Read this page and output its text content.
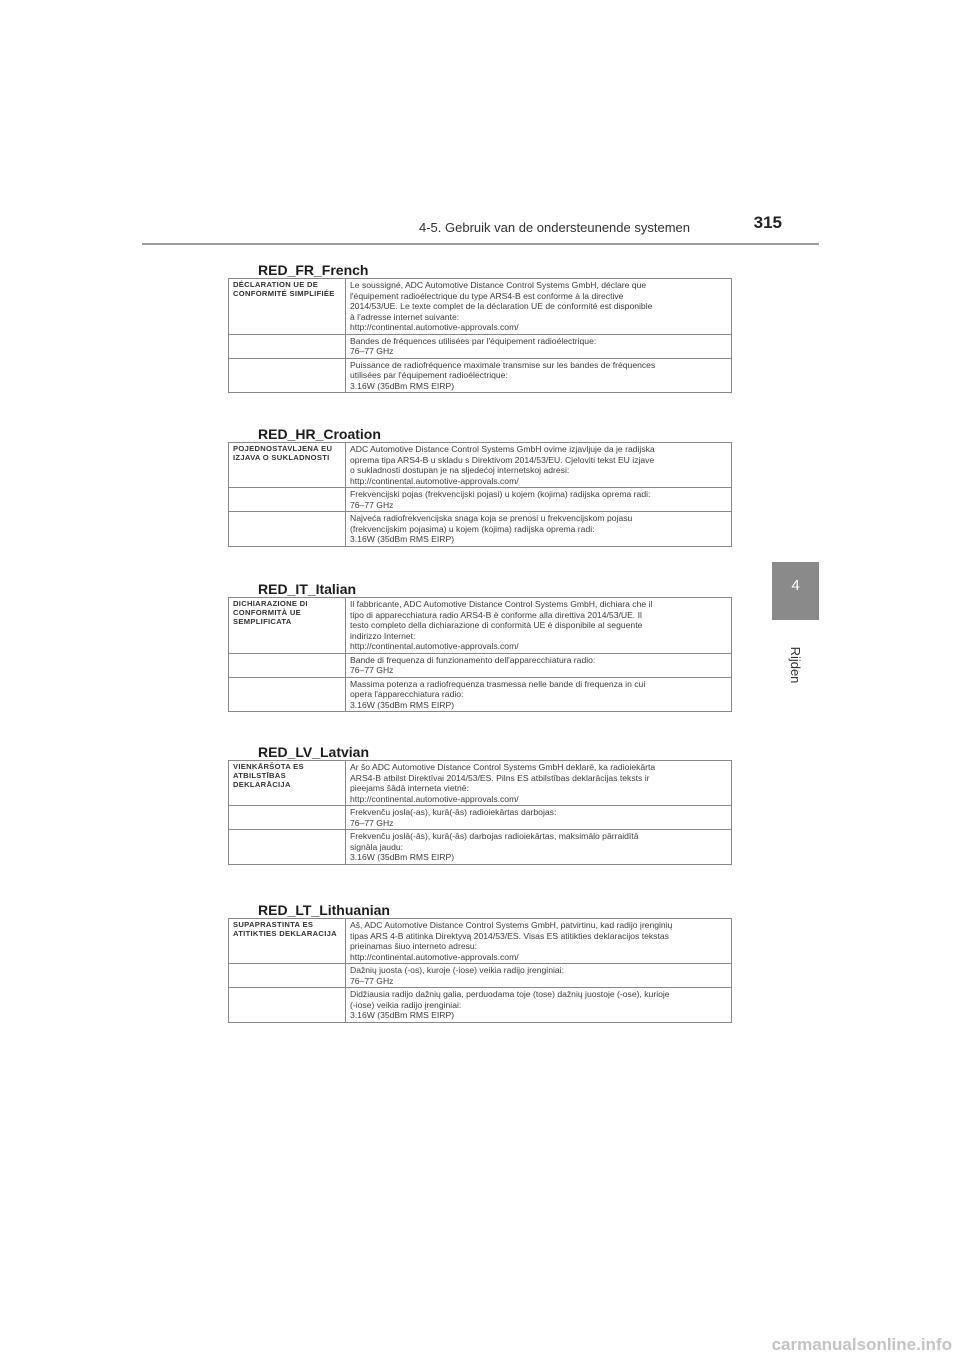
4-5. Gebruik van de ondersteunende systemen	315
4
Rijden
RED_FR_French
DÉCLARATION UE DE CONFORMITÉ SIMPLIFIÉE	Le soussigné, ADC Automotive Distance Control Systems GmbH, déclare que
l'équipement radioélectrique du type ARS4-B est conforme à la directive
2014/53/UE. Le texte complet de la déclaration UE de conformité est disponible
à l'adresse internet suivante:
http://continental.automotive-approvals.com/

	Bandes de fréquences utilisées par l'équipement radioélectrique:
76–77 GHz

	Puissance de radiofréquence maximale transmise sur les bandes de fréquences
utilisées par l'équipement radioélectrique:
3.16W (35dBm RMS EIRP)
RED_HR_Croation
POJEDNOSTAVLJENA EU IZJAVA O SUKLADNOSTI	ADC Automotive Distance Control Systems GmbH ovime izjavljuje da je radijska
oprema tipa ARS4-B u skladu s Direktivom 2014/53/EU. Cjeloviti tekst EU izjave
o sukladnosti dostupan je na sljedećoj internetskoj adresi:
http://continental.automotive-approvals.com/

	Frekvencijski pojas (frekvencijski pojasi) u kojem (kojima) radijska oprema radi:
76–77 GHz

	Najveća radiofrekvencijska snaga koja se prenosi u frekvencijskom pojasu
(frekvencijskim pojasima) u kojem (kojima) radijska oprema radi:
3.16W (35dBm RMS EIRP)
RED_IT_Italian
DICHIARAZIONE DI CONFORMITÀ UE SEMPLIFICATA	Il fabbricante, ADC Automotive Distance Control Systems GmbH, dichiara che il
tipo di apparecchiatura radio ARS4-B è conforme alla direttiva 2014/53/UE. Il
testo completo della dichiarazione di conformità UE è disponibile al seguente
indirizzo Internet:
http://continental.automotive-approvals.com/

	Bande di frequenza di funzionamento dell'apparecchiatura radio:
76–77 GHz

	Massima potenza a radiofrequenza trasmessa nelle bande di frequenza in cui
opera l'apparecchiatura radio:
3.16W (35dBm RMS EIRP)
RED_LV_Latvian
VIENKĀRŠOTA ES ATBILSTĪBAS DEKLARĀCIJA	Ar šo ADC Automotive Distance Control Systems GmbH deklarē, ka radioiekārta
ARS4-B atbilst Direktīvai 2014/53/ES. Pilns ES atbilstības deklarācijas teksts ir
pieejams šādā interneta vietnē:
http://continental.automotive-approvals.com/

	Frekvenču josla(-as), kurā(-ās) radioiekārtas darbojas:
76–77 GHz

	Frekvenču joslā(-ās), kurā(-ās) darbojas radioiekārtas, maksimālo pārraidītā
signāla jaudu:
3.16W (35dBm RMS EIRP)
RED_LT_Lithuanian
SUPAPRASTINTA ES ATITIKTIES DEKLARACIJA	Aš, ADC Automotive Distance Control Systems GmbH, patvirtinu, kad radijo įrenginių
tipas ARS 4-B atitinka Direktyvą 2014/53/ES. Visas ES atitikties deklaracijos tekstas
prieinamas šiuo interneto adresu:
http://continental.automotive-approvals.com/

	Dažnių juosta (-os), kuroje (-iose) veikia radijo įrenginiai:
76–77 GHz

	Didžiausia radijo dažnių galia, perduodama toje (tose) dažnių juostoje (-ose), kurioje
(-iose) veikia radijo įrenginiai:
3.16W (35dBm RMS EIRP)
carmanualsonline.info
